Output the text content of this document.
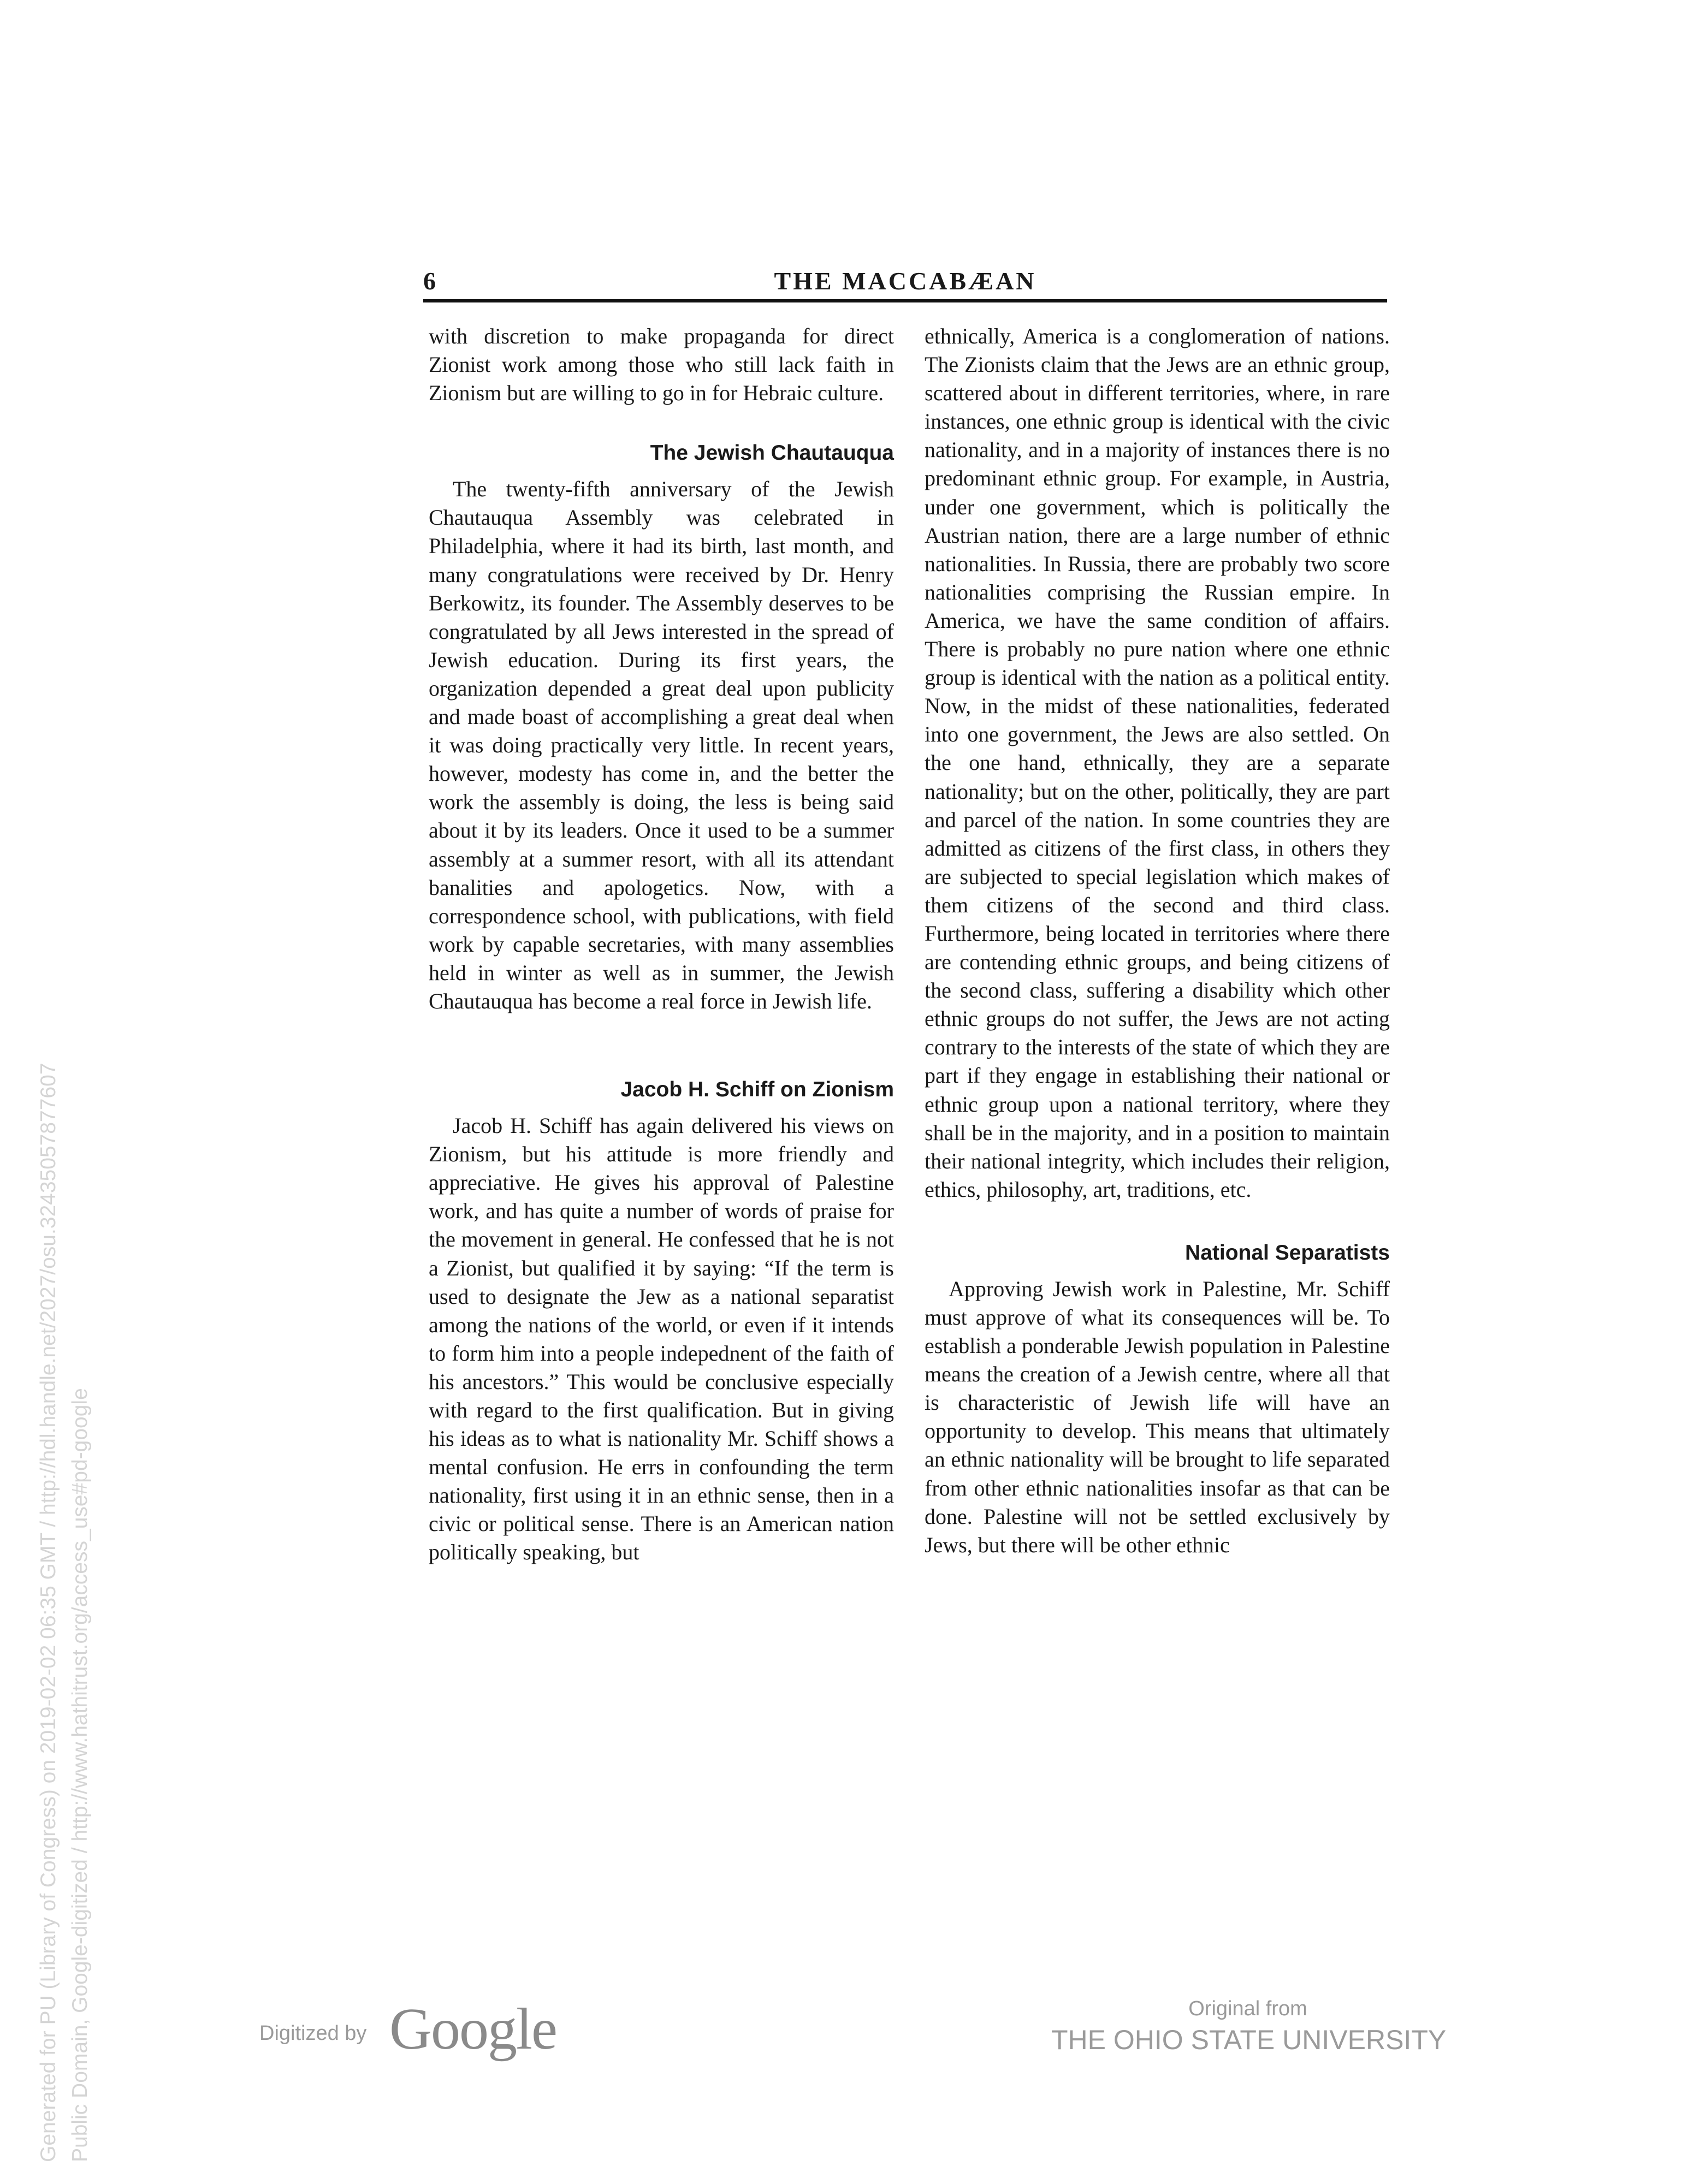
6	THE MACCABÆAN

with discretion to make propaganda for direct Zionist work among those who still lack faith in Zionism but are willing to go in for Hebraic culture.

The Jewish Chautauqua

The twenty-fifth anniversary of the Jewish Chautauqua Assembly was celebrated in Philadelphia, where it had its birth, last month, and many congratulations were received by Dr. Henry Berkowitz, its founder. The Assembly deserves to be congratulated by all Jews interested in the spread of Jewish education. During its first years, the organization depended a great deal upon publicity and made boast of accomplishing a great deal when it was doing practically very little. In recent years, however, modesty has come in, and the better the work the assembly is doing, the less is being said about it by its leaders. Once it used to be a summer assembly at a summer resort, with all its attendant banalities and apologetics. Now, with a correspondence school, with publications, with field work by capable secretaries, with many assemblies held in winter as well as in summer, the Jewish Chautauqua has become a real force in Jewish life.

Jacob H. Schiff on Zionism

Jacob H. Schiff has again delivered his views on Zionism, but his attitude is more friendly and appreciative. He gives his approval of Palestine work, and has quite a number of words of praise for the movement in general. He confessed that he is not a Zionist, but qualified it by saying: “If the term is used to designate the Jew as a national separatist among the nations of the world, or even if it intends to form him into a people indepednent of the faith of his ancestors.” This would be conclusive especially with regard to the first qualification. But in giving his ideas as to what is nationality Mr. Schiff shows a mental confusion. He errs in confounding the term nationality, first using it in an ethnic sense, then in a civic or political sense. There is an American nation politically speaking, but

ethnically, America is a conglomeration of nations. The Zionists claim that the Jews are an ethnic group, scattered about in different territories, where, in rare instances, one ethnic group is identical with the civic nationality, and in a majority of instances there is no predominant ethnic group. For example, in Austria, under one government, which is politically the Austrian nation, there are a large number of ethnic nationalities. In Russia, there are probably two score nationalities comprising the Russian empire. In America, we have the same condition of affairs. There is probably no pure nation where one ethnic group is identical with the nation as a political entity. Now, in the midst of these nationalities, federated into one government, the Jews are also settled. On the one hand, ethnically, they are a separate nationality; but on the other, politically, they are part and parcel of the nation. In some countries they are admitted as citizens of the first class, in others they are subjected to special legislation which makes of them citizens of the second and third class. Furthermore, being located in territories where there are contending ethnic groups, and being citizens of the second class, suffering a disability which other ethnic groups do not suffer, the Jews are not acting contrary to the interests of the state of which they are part if they engage in establishing their national or ethnic group upon a national territory, where they shall be in the majority, and in a position to maintain their national integrity, which includes their religion, ethics, philosophy, art, traditions, etc.

National Separatists

Approving Jewish work in Palestine, Mr. Schiff must approve of what its consequences will be. To establish a ponderable Jewish population in Palestine means the creation of a Jewish centre, where all that is characteristic of Jewish life will have an opportunity to develop. This means that ultimately an ethnic nationality will be brought to life separated from other ethnic nationalities insofar as that can be done. Palestine will not be settled exclusively by Jews, but there will be other ethnic

Generated for PU (Library of Congress) on 2019-02-02 06:35 GMT / http://hdl.handle.net/2027/osu.32435057877607 Public Domain, Google-digitized / http://www.hathitrust.org/access_use#pd-google	Digitized by Google	Original from
THE OHIO STATE UNIVERSITY
